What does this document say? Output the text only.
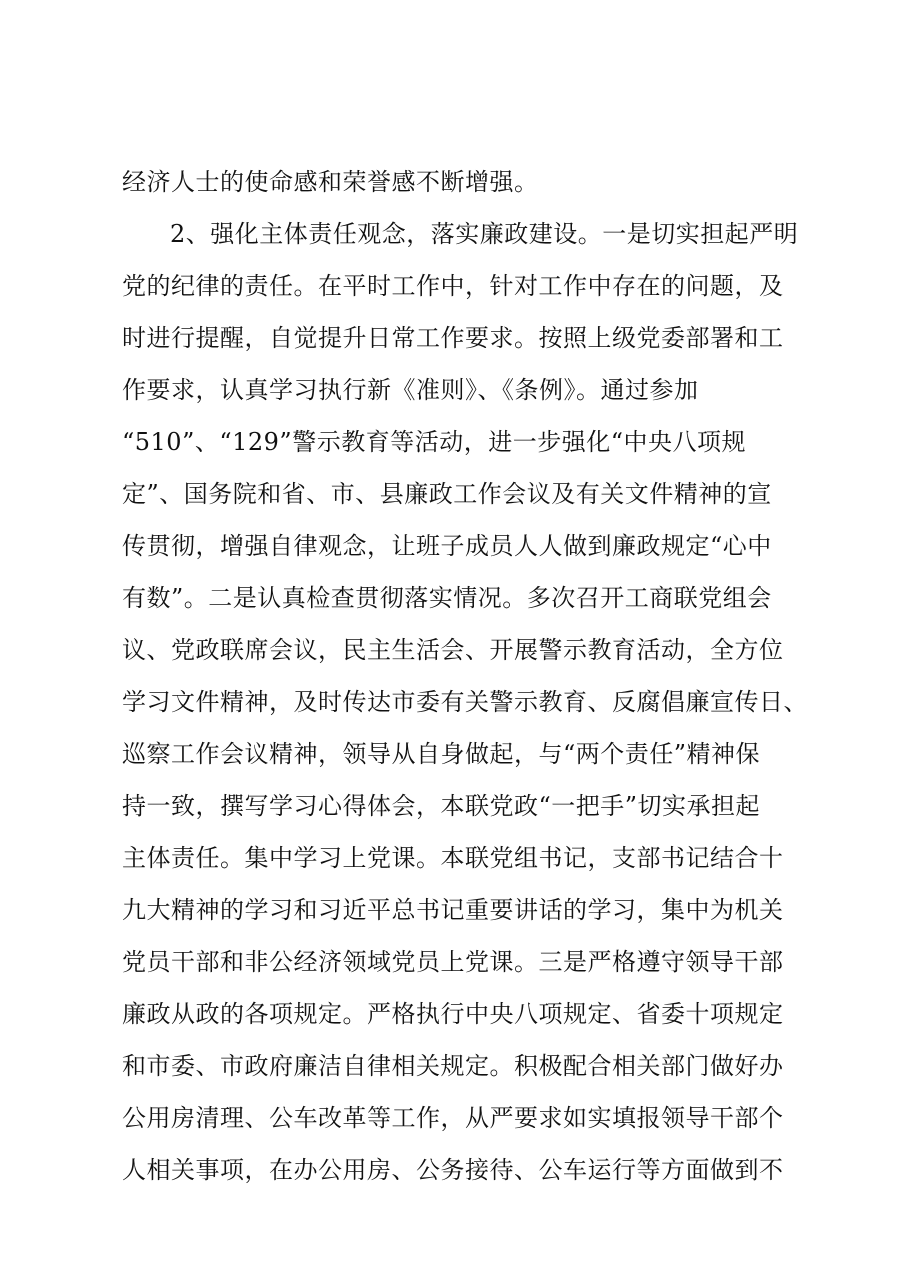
经济人士的使命感和荣誉感不断增强。
2、强化主体责任观念，落实廉政建设。一是切实担起严明
党的纪律的责任。在平时工作中，针对工作中存在的问题，及
时进行提醒，自觉提升日常工作要求。按照上级党委部署和工
作要求，认真学习执行新《准则》、《条例》。通过参加
“510”、“129”警示教育等活动，进一步强化“中央八项规
定”、国务院和省、市、县廉政工作会议及有关文件精神的宣
传贯彻，增强自律观念，让班子成员人人做到廉政规定“心中
有数”。二是认真检查贯彻落实情况。多次召开工商联党组会
议、党政联席会议，民主生活会、开展警示教育活动，全方位
学习文件精神，及时传达市委有关警示教育、反腐倡廉宣传日、
巡察工作会议精神，领导从自身做起，与“两个责任”精神保
持一致，撰写学习心得体会，本联党政“一把手”切实承担起
主体责任。集中学习上党课。本联党组书记，支部书记结合十
九大精神的学习和习近平总书记重要讲话的学习，集中为机关
党员干部和非公经济领域党员上党课。三是严格遵守领导干部
廉政从政的各项规定。严格执行中央八项规定、省委十项规定
和市委、市政府廉洁自律相关规定。积极配合相关部门做好办
公用房清理、公车改革等工作，从严要求如实填报领导干部个
人相关事项，在办公用房、公务接待、公车运行等方面做到不
